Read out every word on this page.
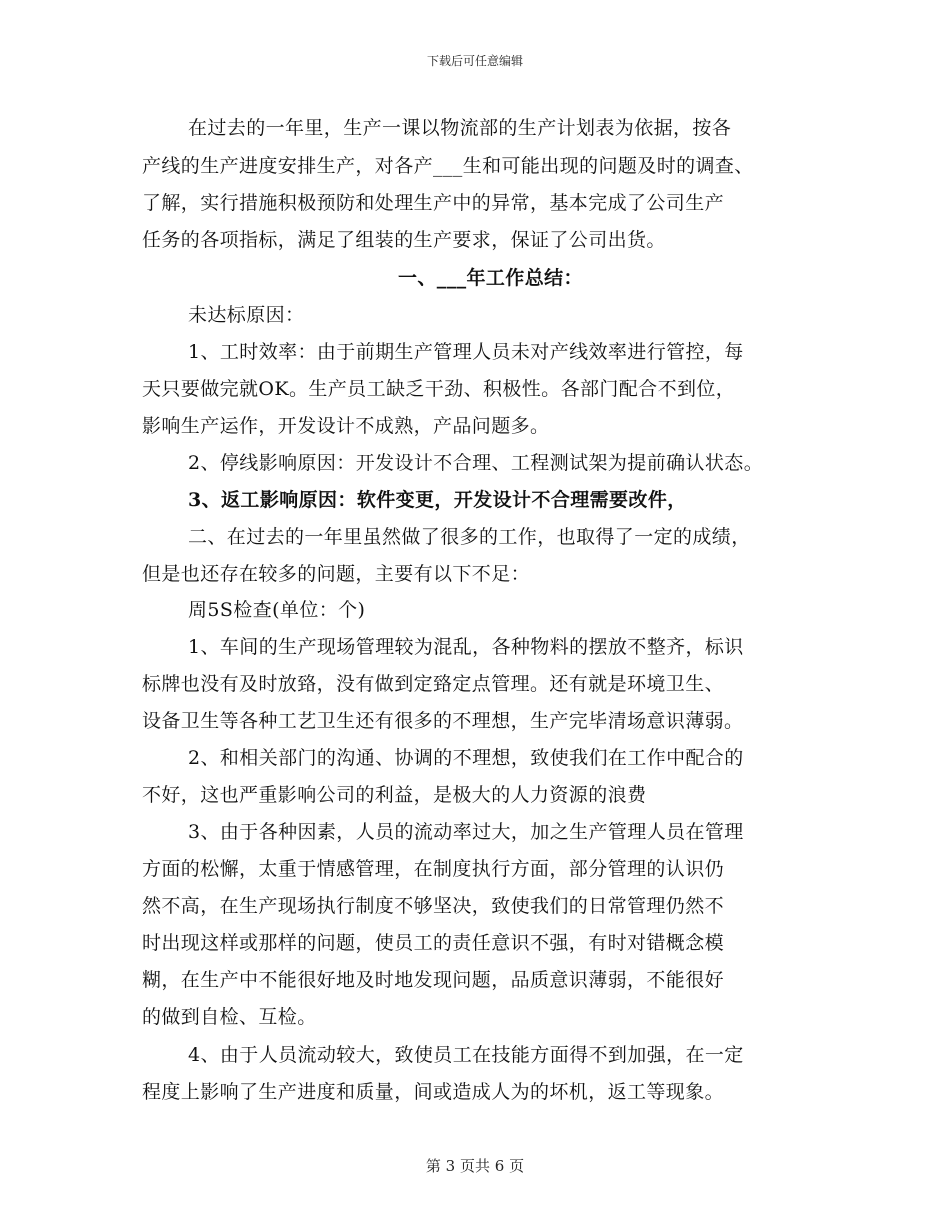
下载后可任意编辑
在过去的一年里，生产一课以物流部的生产计划表为依据，按各
产线的生产进度安排生产，对各产___生和可能出现的问题及时的调查、
了解，实行措施积极预防和处理生产中的异常，基本完成了公司生产
任务的各项指标，满足了组装的生产要求，保证了公司出货。
一、___年工作总结：
未达标原因：
1、工时效率：由于前期生产管理人员未对产线效率进行管控，每
天只要做完就OK。生产员工缺乏干劲、积极性。各部门配合不到位，
影响生产运作，开发设计不成熟，产品问题多。
2、停线影响原因：开发设计不合理、工程测试架为提前确认状态。
3、返工影响原因：软件变更，开发设计不合理需要改件，
二、在过去的一年里虽然做了很多的工作，也取得了一定的成绩，
但是也还存在较多的问题，主要有以下不足：
周5S检查(单位：个)
1、车间的生产现场管理较为混乱，各种物料的摆放不整齐，标识
标牌也没有及时放臵，没有做到定臵定点管理。还有就是环境卫生、
设备卫生等各种工艺卫生还有很多的不理想，生产完毕清场意识薄弱。
2、和相关部门的沟通、协调的不理想，致使我们在工作中配合的
不好，这也严重影响公司的利益，是极大的人力资源的浪费
3、由于各种因素，人员的流动率过大，加之生产管理人员在管理
方面的松懈，太重于情感管理，在制度执行方面，部分管理的认识仍
然不高，在生产现场执行制度不够坚决，致使我们的日常管理仍然不
时出现这样或那样的问题，使员工的责任意识不强，有时对错概念模
糊，在生产中不能很好地及时地发现问题，品质意识薄弱，不能很好
的做到自检、互检。
4、由于人员流动较大，致使员工在技能方面得不到加强，在一定
程度上影响了生产进度和质量，间或造成人为的坏机，返工等现象。
第 3 页共 6 页
